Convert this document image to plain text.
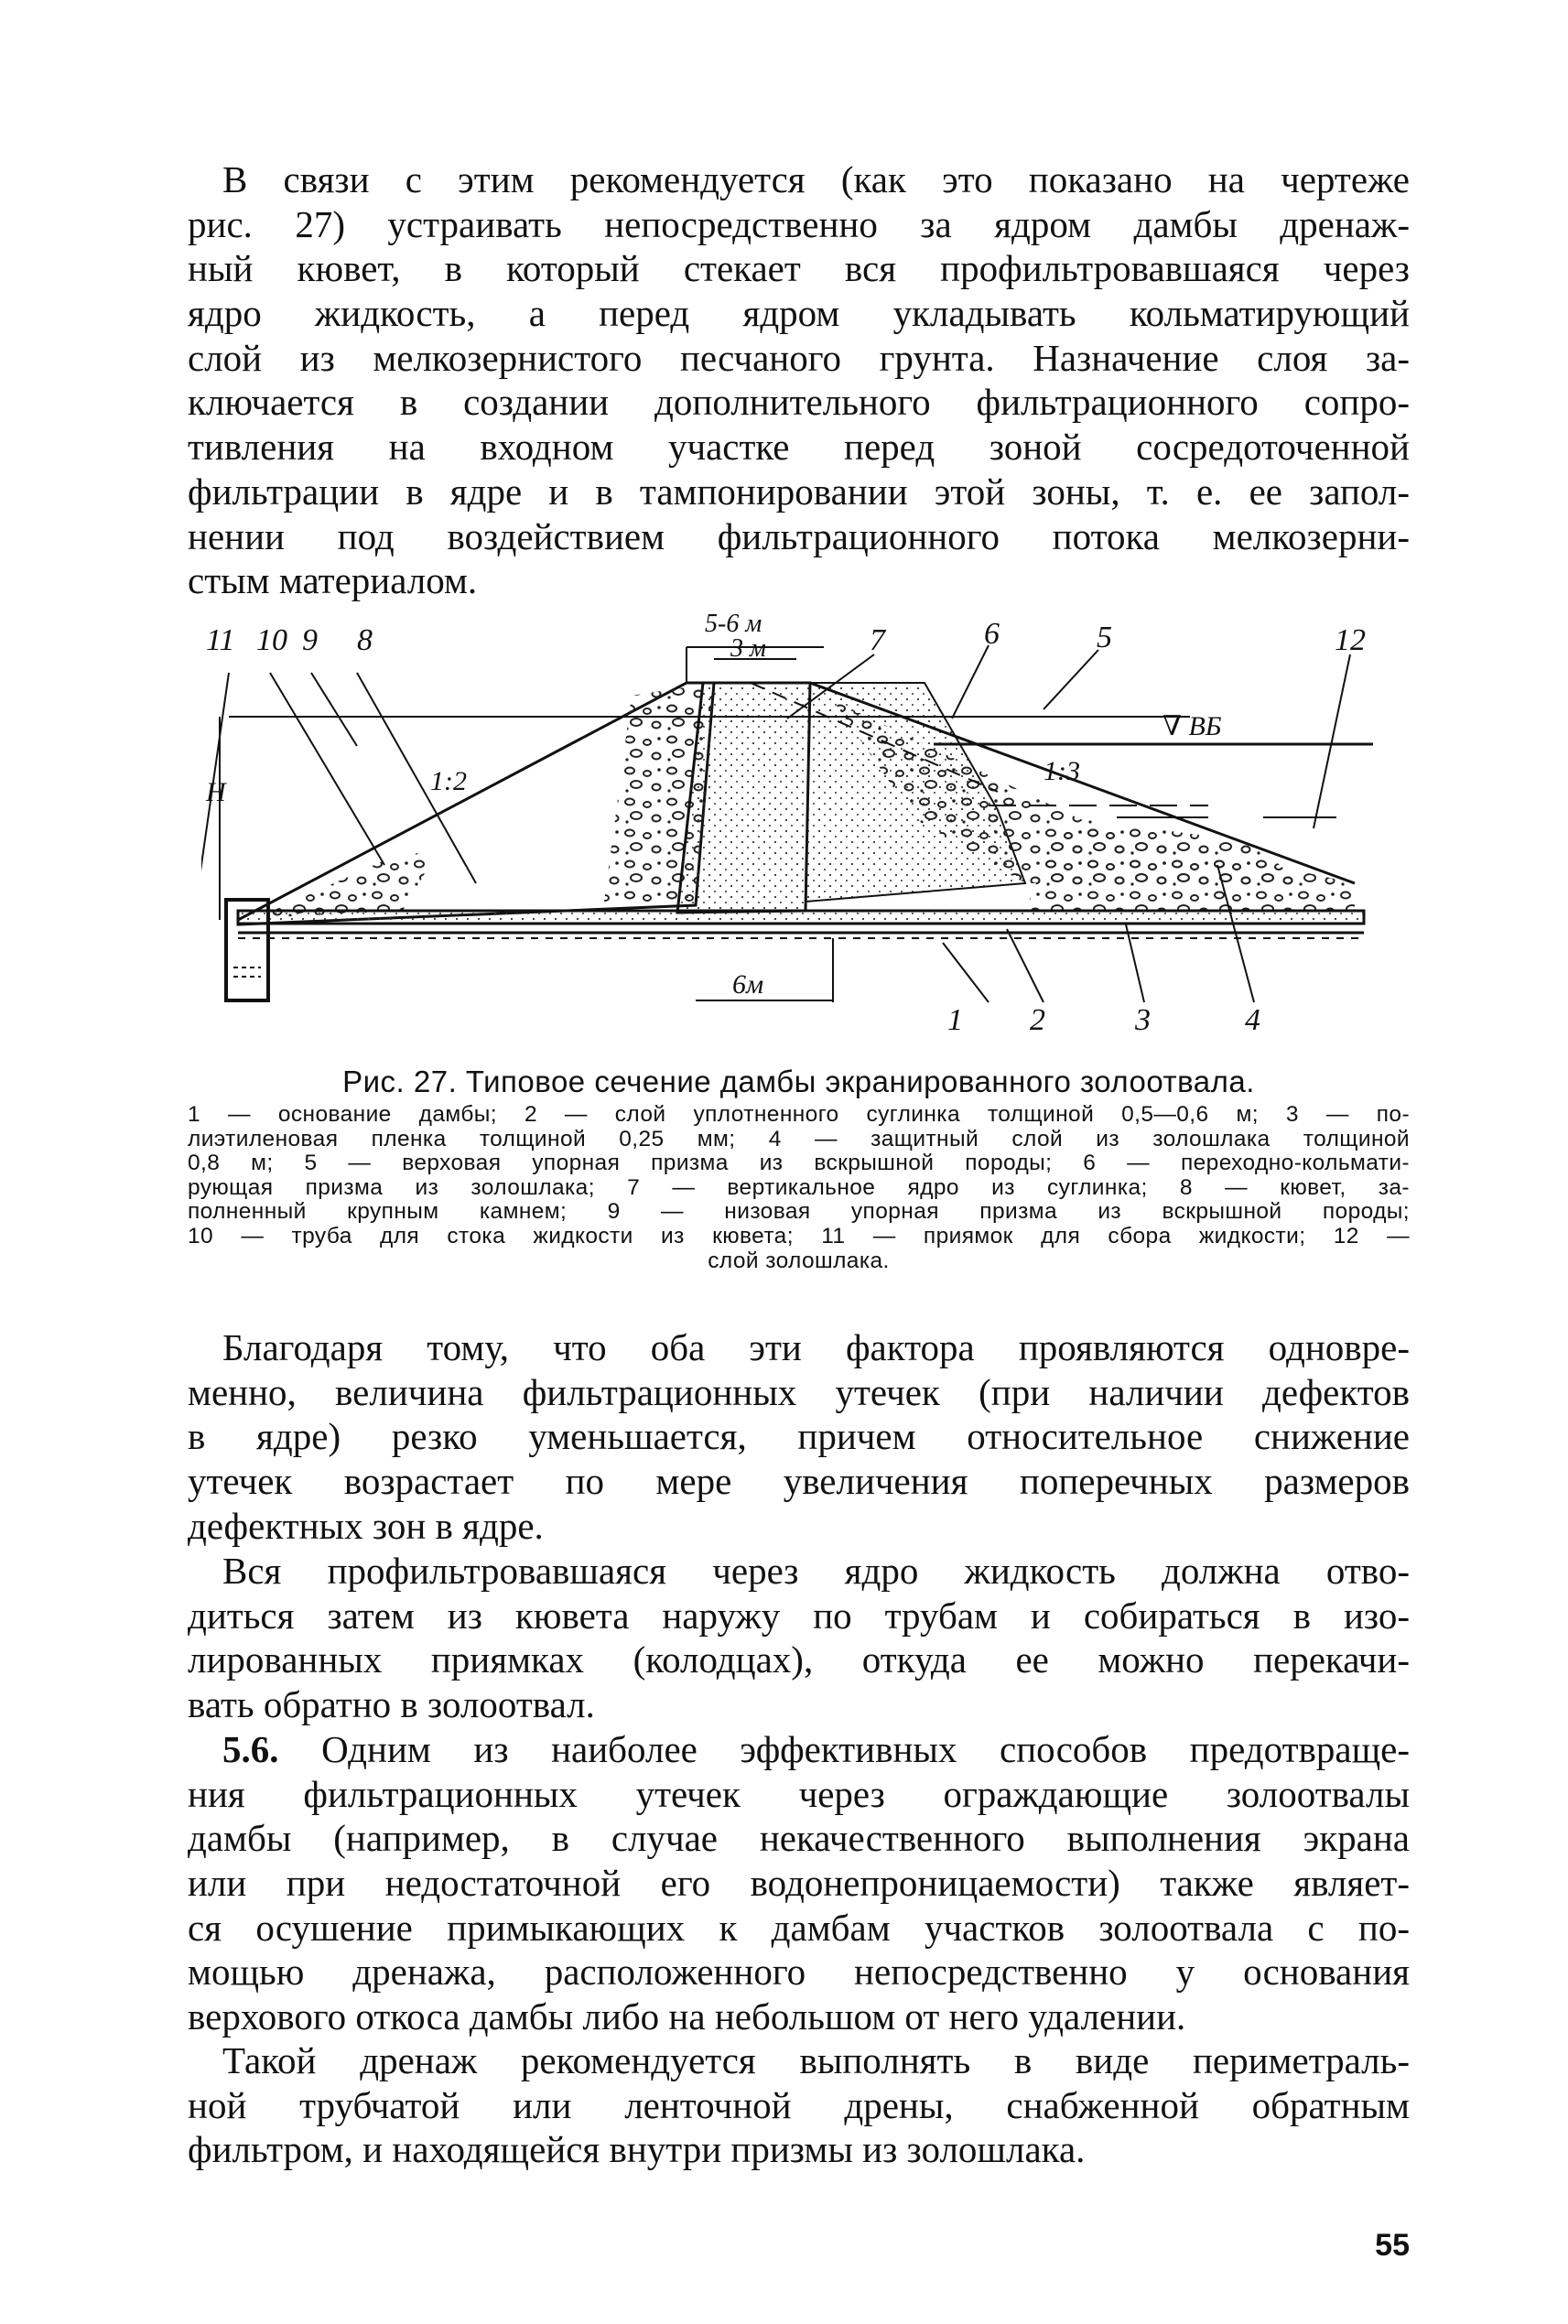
В связи с этим рекомендуется (как это показано на чертеже
рис. 27) устраивать непосредственно за ядром дамбы дренаж-
ный кювет, в который стекает вся профильтровавшаяся через
ядро жидкость, а перед ядром укладывать кольматирующий
слой из мелкозернистого песчаного грунта. Назначение слоя за-
ключается в создании дополнительного фильтрационного сопро-
тивления на входном участке перед зоной сосредоточенной
фильтрации в ядре и в тампонировании этой зоны, т. е. ее запол-
нении под воздействием фильтрационного потока мелкозерни-
стым материалом.
11 10 9 8	7	6	5	12
5-6 м
3 м
6м
∇ ВБ
1:2	1:3
H
1 2	3	4

Рис. 27. Типовое сечение дамбы экранированного золоотвала.

1 — основание дамбы; 2 — слой уплотненного суглинка толщиной 0,5—0,6 м; 3 — по-
лиэтиленовая пленка толщиной 0,25 мм; 4 — защитный слой из золошлака толщиной
0,8 м; 5 — верховая упорная призма из вскрышной породы; 6 — переходно-кольмати-
рующая призма из золошлака; 7 — вертикальное ядро из суглинка; 8 — кювет, за-
полненный крупным камнем; 9 — низовая упорная призма из вскрышной породы;
10 — труба для стока жидкости из кювета; 11 — приямок для сбора жидкости; 12 —
слой золошлака.
Благодаря тому, что оба эти фактора проявляются одновре-
менно, величина фильтрационных утечек (при наличии дефектов
в ядре) резко уменьшается, причем относительное снижение
утечек возрастает по мере увеличения поперечных размеров
дефектных зон в ядре.
Вся профильтровавшаяся через ядро жидкость должна отво-
диться затем из кювета наружу по трубам и собираться в изо-
лированных приямках (колодцах), откуда ее можно перекачи-
вать обратно в золоотвал.
5.6. Одним из наиболее эффективных способов предотвраще-
ния фильтрационных утечек через ограждающие золоотвалы
дамбы (например, в случае некачественного выполнения экрана
или при недостаточной его водонепроницаемости) также являет-
ся осушение примыкающих к дамбам участков золоотвала с по-
мощью дренажа, расположенного непосредственно у основания
верхового откоса дамбы либо на небольшом от него удалении.
Такой дренаж рекомендуется выполнять в виде периметраль-
ной трубчатой или ленточной дрены, снабженной обратным
фильтром, и находящейся внутри призмы из золошлака.
55
